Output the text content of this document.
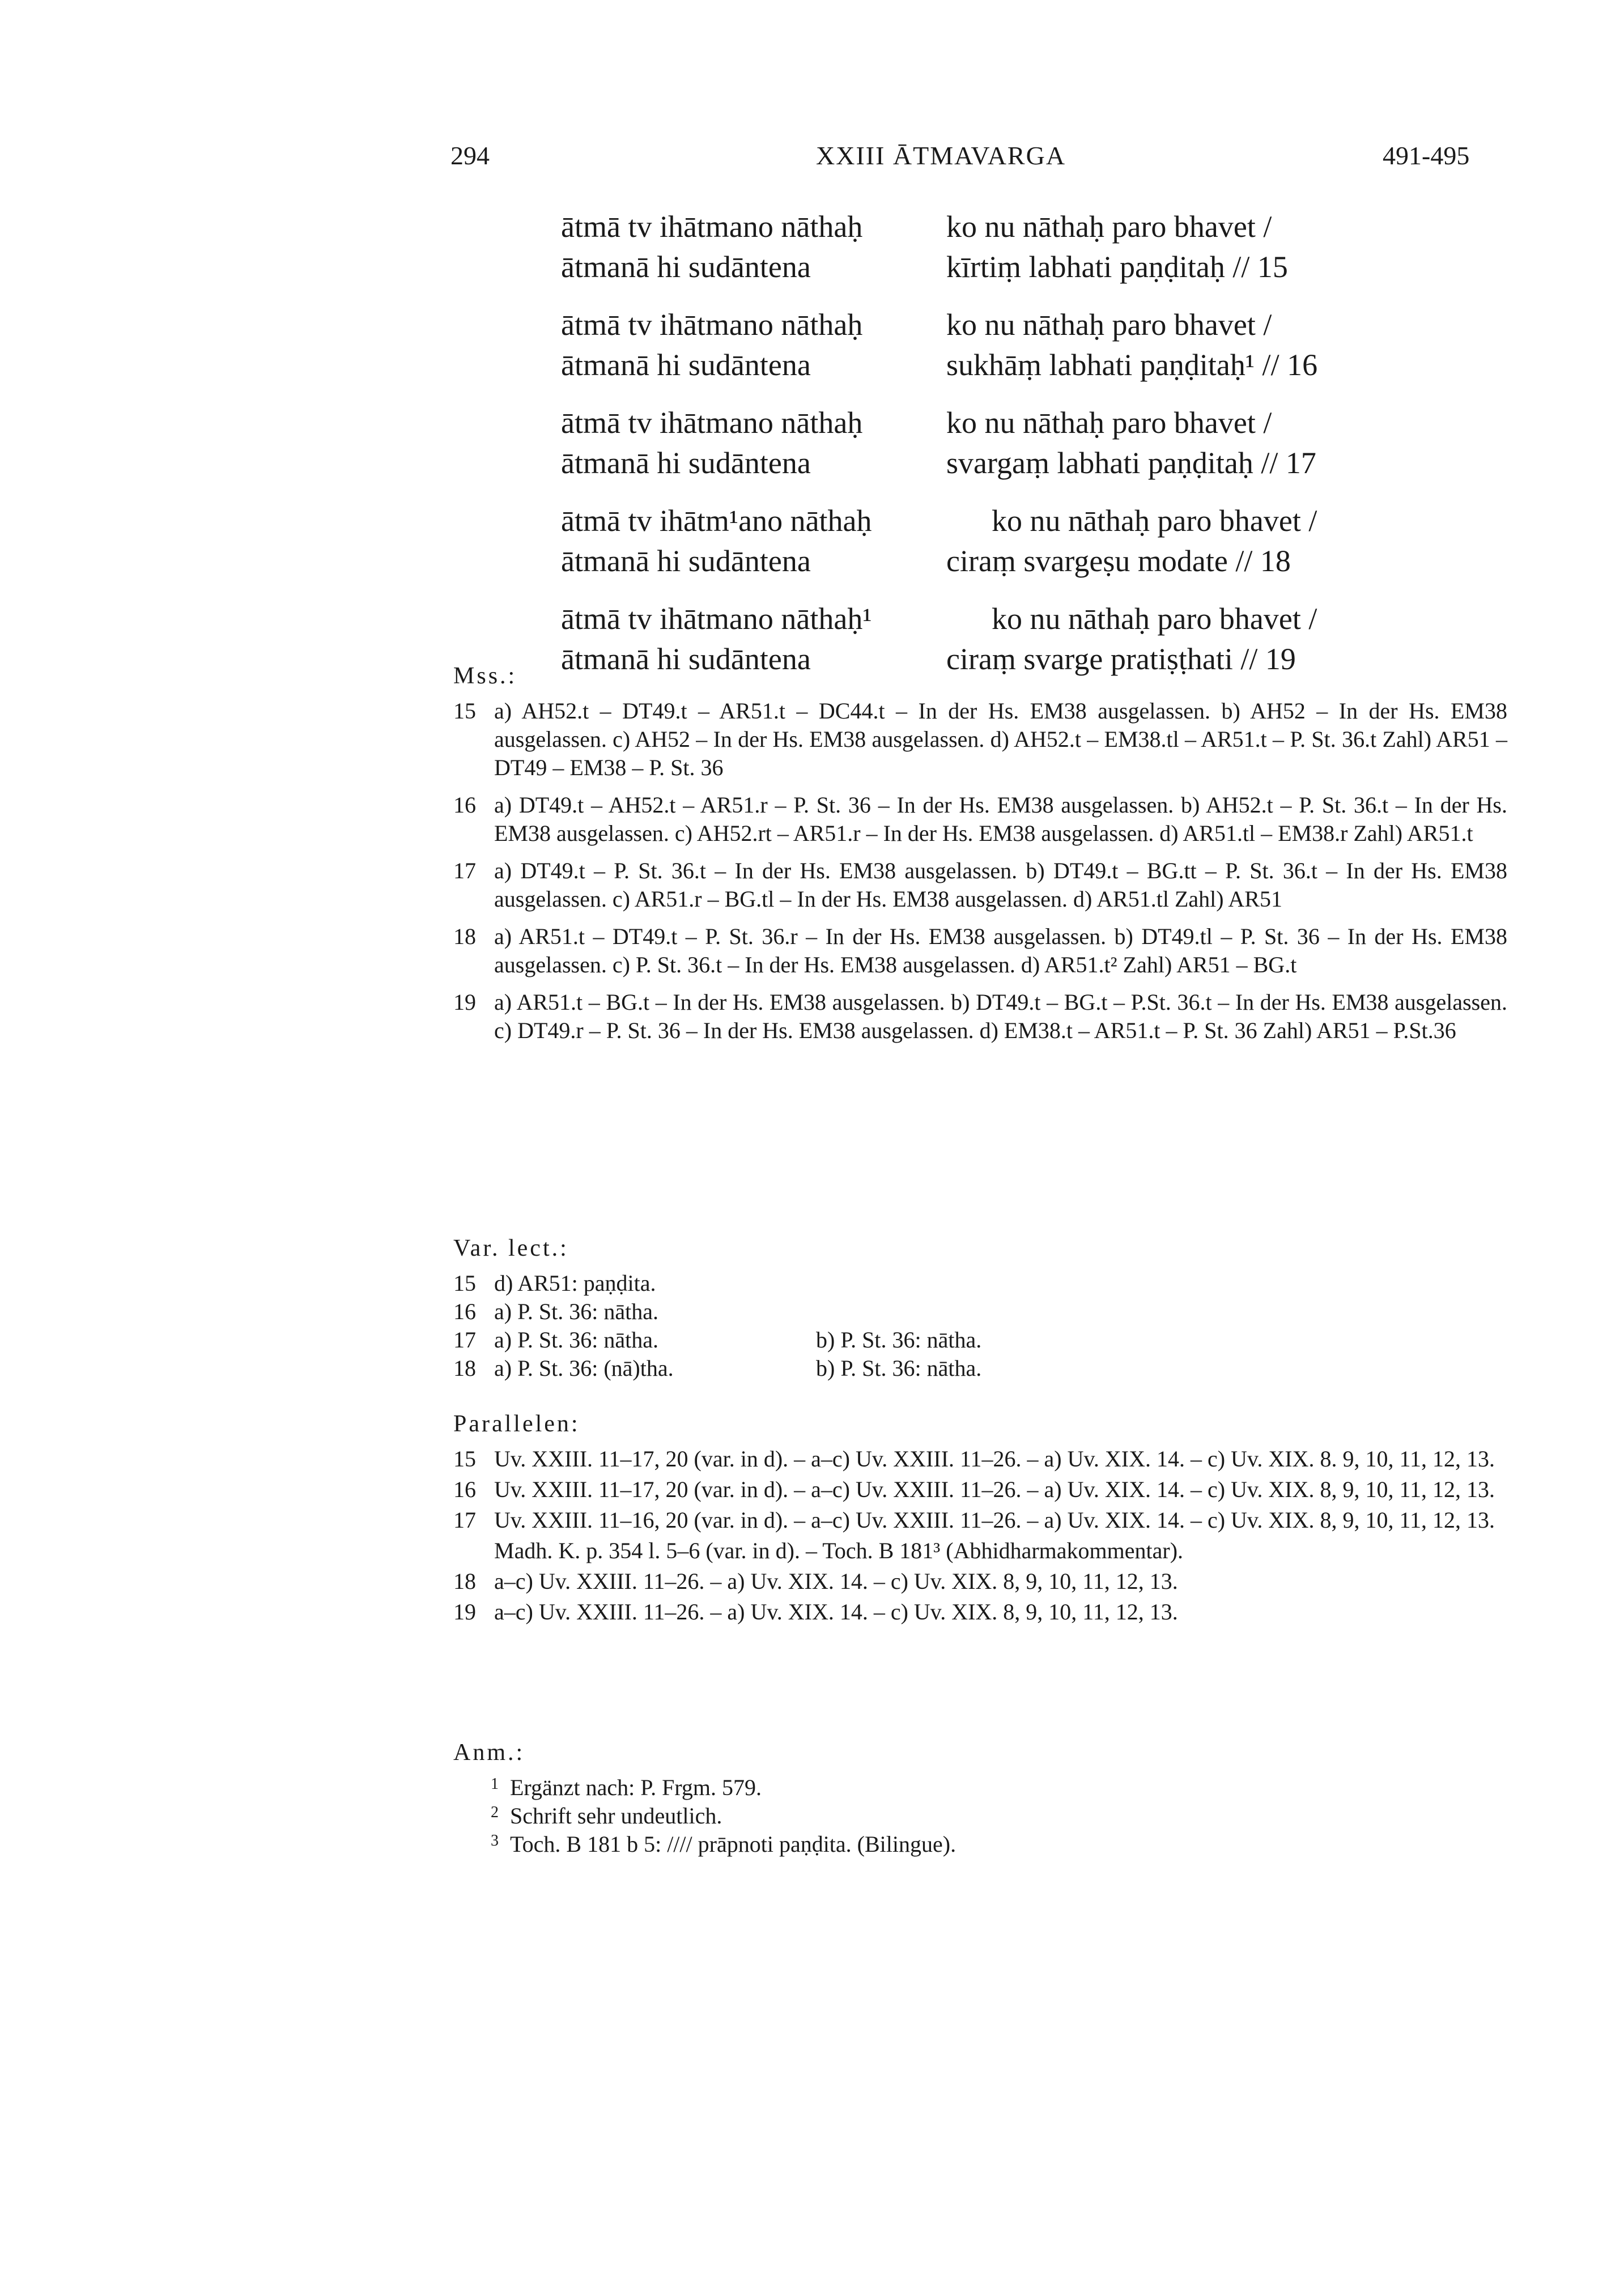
294	XXIII ĀTMAVARGA	491-495
ātmā tv ihātmano nāthaḥ	ko nu nāthaḥ paro bhavet /
ātmanā hi sudāntena	kīrtiṃ labhati paṇḍitaḥ // 15
ātmā tv ihātmano nāthaḥ	ko nu nāthaḥ paro bhavet /
ātmanā hi sudāntena	sukhāṃ labhati paṇḍitaḥ¹ // 16
ātmā tv ihātmano nāthaḥ	ko nu nāthaḥ paro bhavet /
ātmanā hi sudāntena	svargaṃ labhati paṇḍitaḥ // 17
ātmā tv ihātm¹ano nāthaḥ	ko nu nāthaḥ paro bhavet /
ātmanā hi sudāntena	ciraṃ svargeṣu modate // 18
ātmā tv ihātmano nāthaḥ¹	ko nu nāthaḥ paro bhavet /
ātmanā hi sudāntena	ciraṃ svarge pratiṣṭhati // 19
Mss.:
15 a) AH52.t – DT49.t – AR51.t – DC44.t – In der Hs. EM38 ausgelassen. b) AH52 – In der Hs. EM38 ausgelassen. c) AH52 – In der Hs. EM38 ausgelassen. d) AH52.t – EM38.tl – AR51.t – P. St. 36.t Zahl) AR51 – DT49 – EM38 – P. St. 36
16 a) DT49.t – AH52.t – AR51.r – P. St. 36 – In der Hs. EM38 ausgelassen. b) AH52.t – P. St. 36.t – In der Hs. EM38 ausgelassen. c) AH52.rt – AR51.r – In der Hs. EM38 ausgelassen. d) AR51.tl – EM38.r Zahl) AR51.t
17 a) DT49.t – P. St. 36.t – In der Hs. EM38 ausgelassen. b) DT49.t – BG.tt – P. St. 36.t – In der Hs. EM38 ausgelassen. c) AR51.r – BG.tl – In der Hs. EM38 ausgelassen. d) AR51.tl Zahl) AR51
18 a) AR51.t – DT49.t – P. St. 36.r – In der Hs. EM38 ausgelassen. b) DT49.tl – P. St. 36 – In der Hs. EM38 ausgelassen. c) P. St. 36.t – In der Hs. EM38 ausgelassen. d) AR51.t² Zahl) AR51 – BG.t
19 a) AR51.t – BG.t – In der Hs. EM38 ausgelassen. b) DT49.t – BG.t – P.St. 36.t – In der Hs. EM38 ausgelassen. c) DT49.r – P. St. 36 – In der Hs. EM38 ausgelassen. d) EM38.t – AR51.t – P. St. 36 Zahl) AR51 – P.St.36
Var. lect.:
15 d) AR51: paṇḍita.
16 a) P. St. 36: nātha.
17 a) P. St. 36: nātha.	b) P. St. 36: nātha.
18 a) P. St. 36: (nā)tha.	b) P. St. 36: nātha.
Parallelen:
15 Uv. XXIII. 11–17, 20 (var. in d). – a–c) Uv. XXIII. 11–26. – a) Uv. XIX. 14. – c) Uv. XIX. 8. 9, 10, 11, 12, 13.
16 Uv. XXIII. 11–17, 20 (var. in d). – a–c) Uv. XXIII. 11–26. – a) Uv. XIX. 14. – c) Uv. XIX. 8, 9, 10, 11, 12, 13.
17 Uv. XXIII. 11–16, 20 (var. in d). – a–c) Uv. XXIII. 11–26. – a) Uv. XIX. 14. – c) Uv. XIX. 8, 9, 10, 11, 12, 13.
Madh. K. p. 354 l. 5–6 (var. in d). – Toch. B 181³ (Abhidharmakommentar).
18 a–c) Uv. XXIII. 11–26. – a) Uv. XIX. 14. – c) Uv. XIX. 8, 9, 10, 11, 12, 13.
19 a–c) Uv. XXIII. 11–26. – a) Uv. XIX. 14. – c) Uv. XIX. 8, 9, 10, 11, 12, 13.
Anm.:
1 Ergänzt nach: P. Frgm. 579.
2 Schrift sehr undeutlich.
3 Toch. B 181 b 5: //// prāpnoti paṇḍita. (Bilingue).
